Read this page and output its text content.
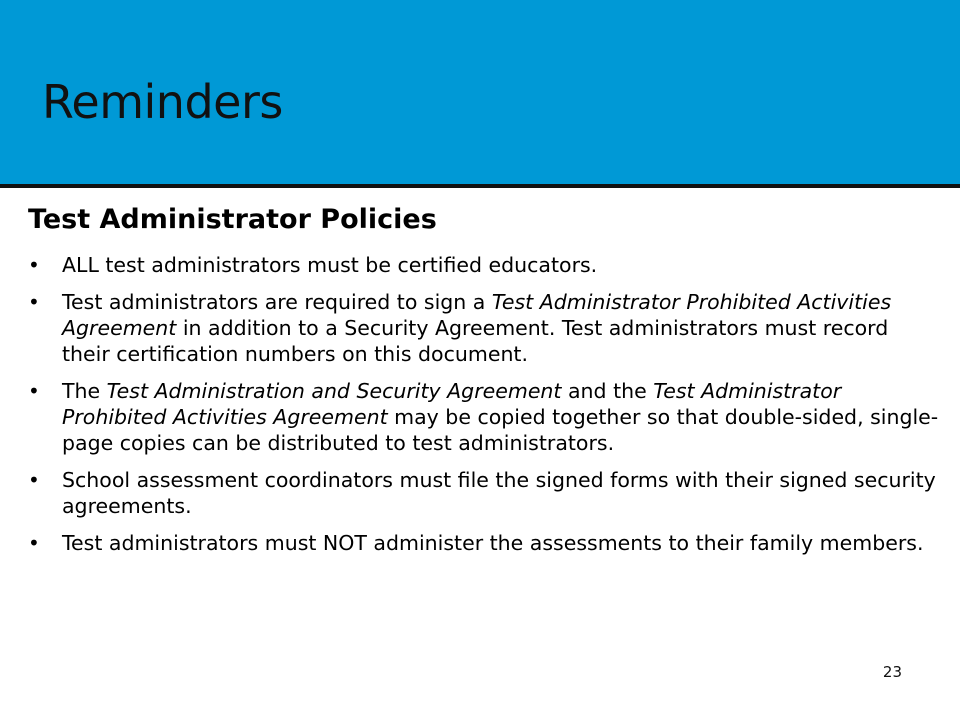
Reminders
Test Administrator Policies
• ALL test administrators must be certified educators.
• Test administrators are required to sign a Test Administrator Prohibited Activities Agreement in addition to a Security Agreement. Test administrators must record their certification numbers on this document.
• The Test Administration and Security Agreement and the Test Administrator Prohibited Activities Agreement may be copied together so that double-sided, single-page copies can be distributed to test administrators.
• School assessment coordinators must file the signed forms with their signed security agreements.
• Test administrators must NOT administer the assessments to their family members.
23
